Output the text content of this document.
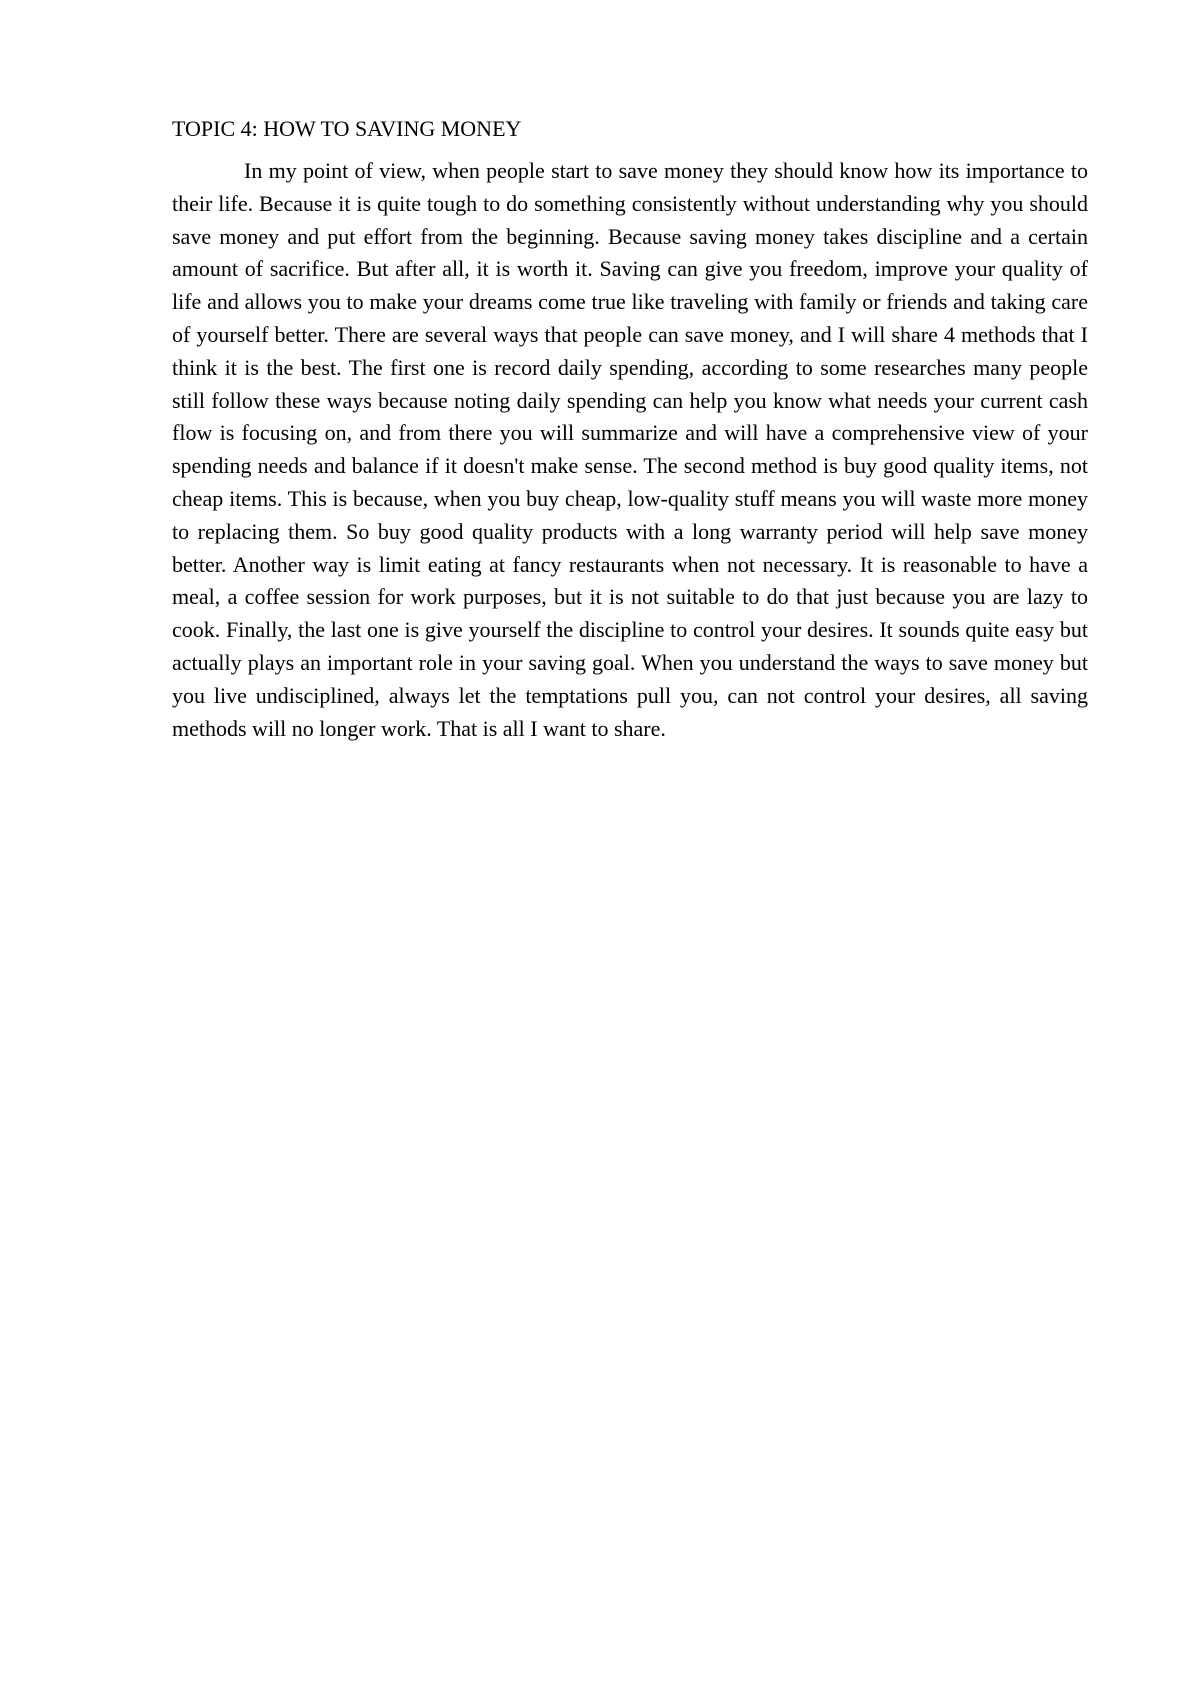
TOPIC 4: HOW TO SAVING MONEY

In my point of view, when people start to save money they should know how its importance to their life. Because it is quite tough to do something consistently without understanding why you should save money and put effort from the beginning. Because saving money takes discipline and a certain amount of sacrifice. But after all, it is worth it. Saving can give you freedom, improve your quality of life and allows you to make your dreams come true like traveling with family or friends and taking care of yourself better. There are several ways that people can save money, and I will share 4 methods that I think it is the best. The first one is record daily spending, according to some researches many people still follow these ways because noting daily spending can help you know what needs your current cash flow is focusing on, and from there you will summarize and will have a comprehensive view of your spending needs and balance if it doesn't make sense. The second method is buy good quality items, not cheap items. This is because, when you buy cheap, low-quality stuff means you will waste more money to replacing them. So buy good quality products with a long warranty period will help save money better. Another way is limit eating at fancy restaurants when not necessary. It is reasonable to have a meal, a coffee session for work purposes, but it is not suitable to do that just because you are lazy to cook. Finally, the last one is give yourself the discipline to control your desires. It sounds quite easy but actually plays an important role in your saving goal. When you understand the ways to save money but you live undisciplined, always let the temptations pull you, can not control your desires, all saving methods will no longer work. That is all I want to share.
